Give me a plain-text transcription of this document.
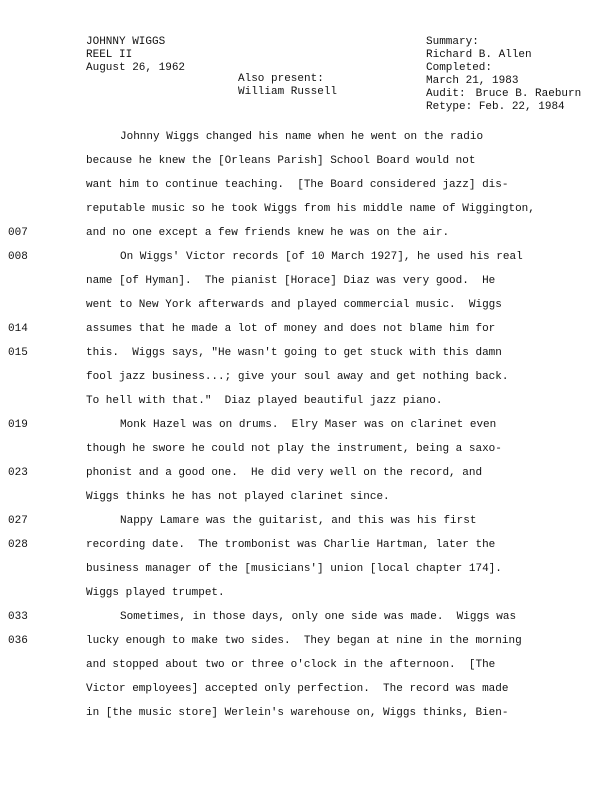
JOHNNY WIGGS
REEL II
August 26, 1962
Also present:
William Russell
Summary:
Richard B. Allen
Completed:
March 21, 1983
Audit: Bruce B. Raeburn
Retype: Feb. 22, 1984
Johnny Wiggs changed his name when he went on the radio
because he knew the [Orleans Parish] School Board would not
want him to continue teaching.  [The Board considered jazz] dis-
reputable music so he took Wiggs from his middle name of Wiggington,
007	and no one except a few friends knew he was on the air.
008	On Wiggs' Victor records [of 10 March 1927], he used his real
name [of Hyman].  The pianist [Horace] Diaz was very good.  He
went to New York afterwards and played commercial music.  Wiggs
014	assumes that he made a lot of money and does not blame him for
015	this.  Wiggs says, "He wasn't going to get stuck with this damn
fool jazz business...; give your soul away and get nothing back.
To hell with that."  Diaz played beautiful jazz piano.
019	Monk Hazel was on drums.  Elry Maser was on clarinet even
though he swore he could not play the instrument, being a saxo-
023	phonist and a good one.  He did very well on the record, and
Wiggs thinks he has not played clarinet since.
027	Nappy Lamare was the guitarist, and this was his first
028	recording date.  The trombonist was Charlie Hartman, later the
business manager of the [musicians'] union [local chapter 174].
Wiggs played trumpet.
033	Sometimes, in those days, only one side was made.  Wiggs was
036	lucky enough to make two sides.  They began at nine in the morning
and stopped about two or three o'clock in the afternoon.  [The
Victor employees] accepted only perfection.  The record was made
in [the music store] Werlein's warehouse on, Wiggs thinks, Bien-
